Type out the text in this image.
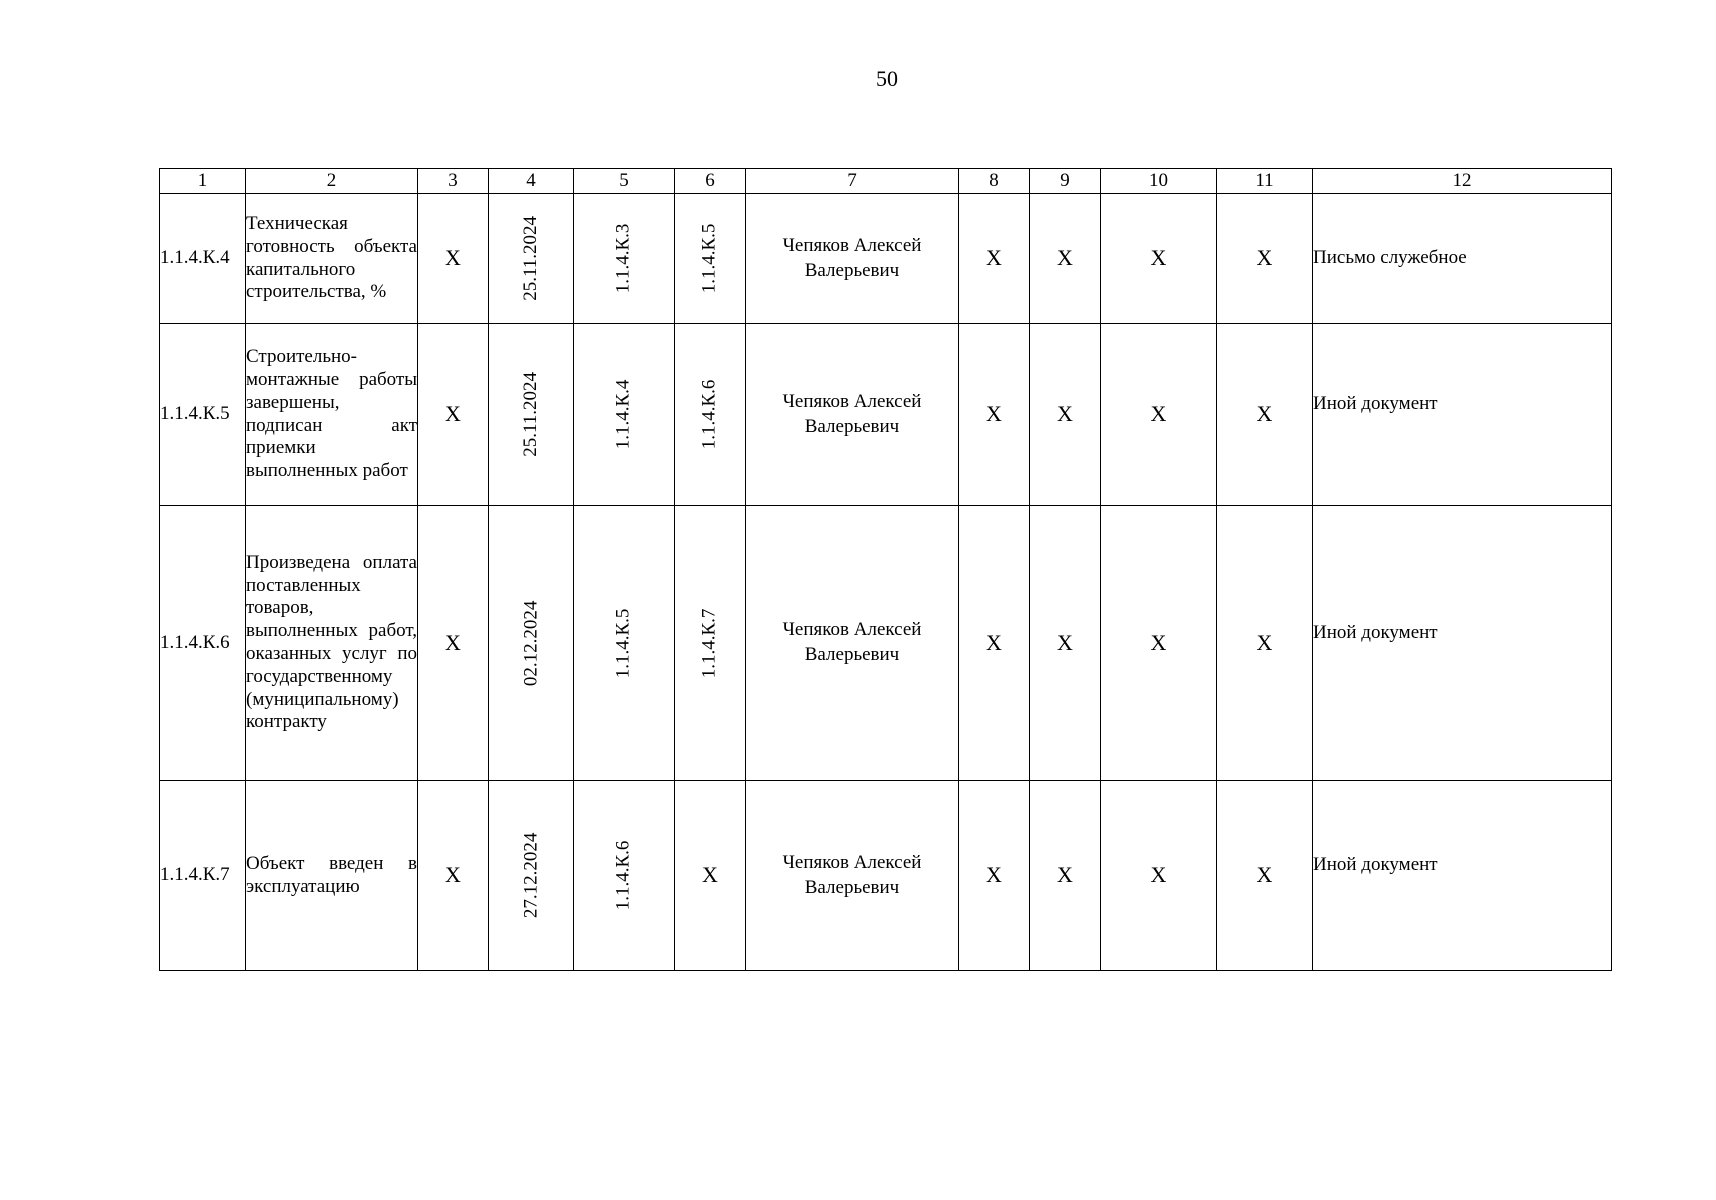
50
1	2	3	4	5	6	7	8	9	10	11	12
1.1.4.К.4	Техническая готовность объекта капитального строительства, %	Х	25.11.2024	1.1.4.К.3	1.1.4.К.5	Чепяков Алексей Валерьевич	Х	Х	Х	Х	Письмо служебное

1.1.4.К.5	Строительно-монтажные работы завершены, подписан акт приемки выполненных работ	Х	25.11.2024	1.1.4.К.4	1.1.4.К.6	Чепяков Алексей Валерьевич	Х	Х	Х	Х	Иной документ

1.1.4.К.6	Произведена оплата поставленных товаров, выполненных работ, оказанных услуг по государственному (муниципальному) контракту	Х	02.12.2024	1.1.4.К.5	1.1.4.К.7	Чепяков Алексей Валерьевич	Х	Х	Х	Х	Иной документ

1.1.4.К.7	Объект введен в эксплуатацию	Х	27.12.2024	1.1.4.К.6	Х	Чепяков Алексей Валерьевич	Х	Х	Х	Х	Иной документ
